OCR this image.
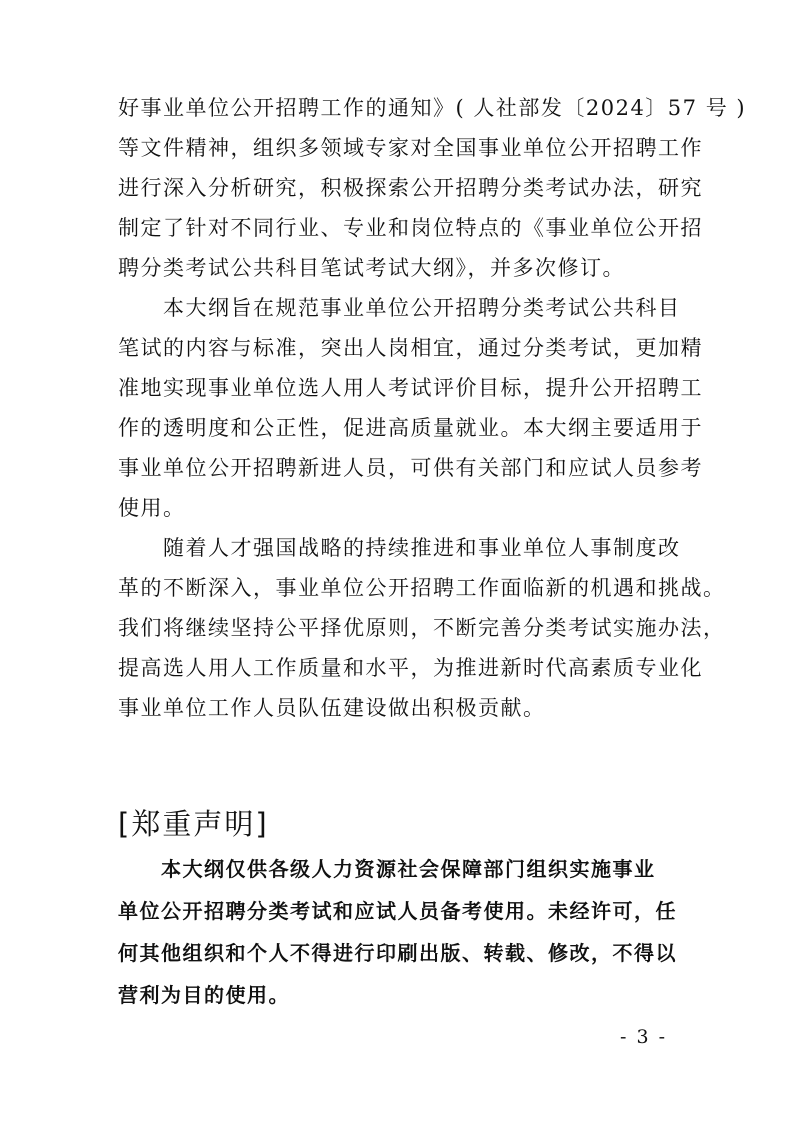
好事业单位公开招聘工作的通知》( 人社部发〔2024〕57 号 )
等文件精神，组织多领域专家对全国事业单位公开招聘工作
进行深入分析研究，积极探索公开招聘分类考试办法，研究
制定了针对不同行业、专业和岗位特点的《事业单位公开招
聘分类考试公共科目笔试考试大纲》，并多次修订。
　　本大纲旨在规范事业单位公开招聘分类考试公共科目
笔试的内容与标准，突出人岗相宜，通过分类考试，更加精
准地实现事业单位选人用人考试评价目标，提升公开招聘工
作的透明度和公正性，促进高质量就业。本大纲主要适用于
事业单位公开招聘新进人员，可供有关部门和应试人员参考
使用。
　　随着人才强国战略的持续推进和事业单位人事制度改
革的不断深入，事业单位公开招聘工作面临新的机遇和挑战。
我们将继续坚持公平择优原则，不断完善分类考试实施办法，
提高选人用人工作质量和水平，为推进新时代高素质专业化
事业单位工作人员队伍建设做出积极贡献。
[郑重声明]
　　本大纲仅供各级人力资源社会保障部门组织实施事业
单位公开招聘分类考试和应试人员备考使用。未经许可，任
何其他组织和个人不得进行印刷出版、转载、修改，不得以
营利为目的使用。
- 3 -
